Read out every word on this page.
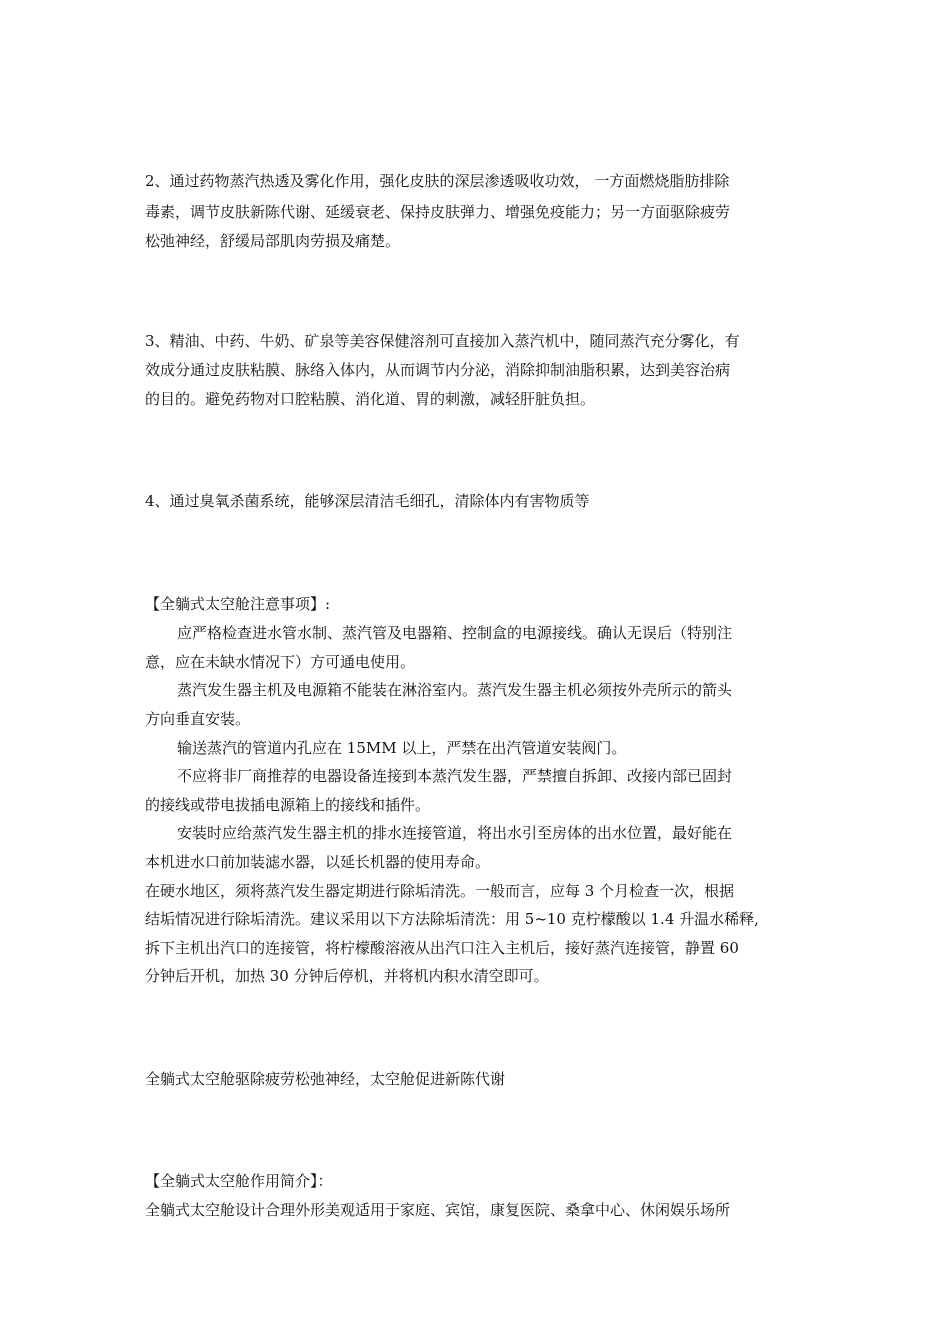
2、通过药物蒸汽热透及雾化作用，强化皮肤的深层渗透吸收功效， 一方面燃烧脂肪排除

毒素，调节皮肤新陈代谢、延缓衰老、保持皮肤弹力、增强免疫能力；另一方面驱除疲劳

松弛神经，舒缓局部肌肉劳损及痛楚。

3、精油、中药、牛奶、矿泉等美容保健溶剂可直接加入蒸汽机中，随同蒸汽充分雾化，有

效成分通过皮肤粘膜、脉络入体内，从而调节内分泌，消除抑制油脂积累，达到美容治病

的目的。避免药物对口腔粘膜、消化道、胃的刺激，减轻肝脏负担。

4、通过臭氧杀菌系统，能够深层清洁毛细孔，清除体内有害物质等

【全躺式太空舱注意事项】:

应严格检查进水管水制、蒸汽管及电器箱、控制盒的电源接线。确认无误后（特别注

意，应在未缺水情况下）方可通电使用。

蒸汽发生器主机及电源箱不能装在淋浴室内。蒸汽发生器主机必须按外壳所示的箭头

方向垂直安装。

输送蒸汽的管道内孔应在 15MM 以上，严禁在出汽管道安装阀门。

不应将非厂商推荐的电器设备连接到本蒸汽发生器，严禁擅自拆卸、改接内部已固封

的接线或带电拔插电源箱上的接线和插件。

安装时应给蒸汽发生器主机的排水连接管道，将出水引至房体的出水位置，最好能在

本机进水口前加装滤水器，以延长机器的使用寿命。

在硬水地区，须将蒸汽发生器定期进行除垢清洗。一般而言，应每 3 个月检查一次，根据

结垢情况进行除垢清洗。建议采用以下方法除垢清洗：用 5~10 克柠檬酸以 1.4 升温水稀释,

拆下主机出汽口的连接管，将柠檬酸溶液从出汽口注入主机后，接好蒸汽连接管，静置 60

分钟后开机，加热 30 分钟后停机，并将机内积水清空即可。

全躺式太空舱驱除疲劳松弛神经，太空舱促进新陈代谢

【全躺式太空舱作用简介】：

全躺式太空舱设计合理外形美观适用于家庭、宾馆，康复医院、桑拿中心、休闲娱乐场所
